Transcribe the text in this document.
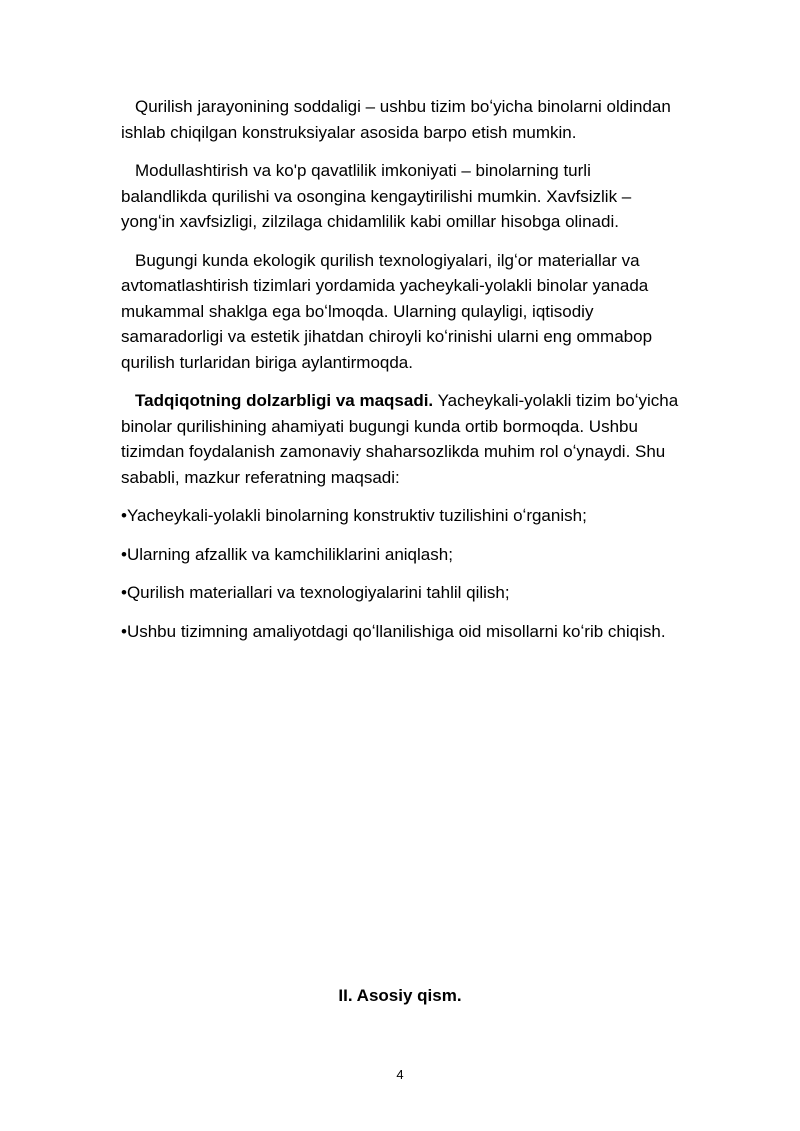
Qurilish jarayonining soddaligi – ushbu tizim boʻyicha binolarni oldindan ishlab chiqilgan konstruksiyalar asosida barpo etish mumkin.

Modullashtirish va ko'p qavatlilik imkoniyati – binolarning turli balandlikda qurilishi va osongina kengaytirilishi mumkin. Xavfsizlik – yongʻin xavfsizligi, zilzilaga chidamlilik kabi omillar hisobga olinadi.

Bugungi kunda ekologik qurilish texnologiyalari, ilgʻor materiallar va avtomatlashtirish tizimlari yordamida yacheykali-yolakli binolar yanada mukammal shaklga ega boʻlmoqda. Ularning qulayligi, iqtisodiy samaradorligi va estetik jihatdan chiroyli koʻrinishi ularni eng ommabop qurilish turlaridan biriga aylantirmoqda.

Tadqiqotning dolzarbligi va maqsadi. Yacheykali-yolakli tizim boʻyicha binolar qurilishining ahamiyati bugungi kunda ortib bormoqda. Ushbu tizimdan foydalanish zamonaviy shaharsozlikda muhim rol oʻynaydi. Shu sababli, mazkur referatning maqsadi:

•Yacheykali-yolakli binolarning konstruktiv tuzilishini oʻrganish;

•Ularning afzallik va kamchiliklarini aniqlash;

•Qurilish materiallari va texnologiyalarini tahlil qilish;

•Ushbu tizimning amaliyotdagi qoʻllanilishiga oid misollarni koʻrib chiqish.

II. Asosiy qism.
4
